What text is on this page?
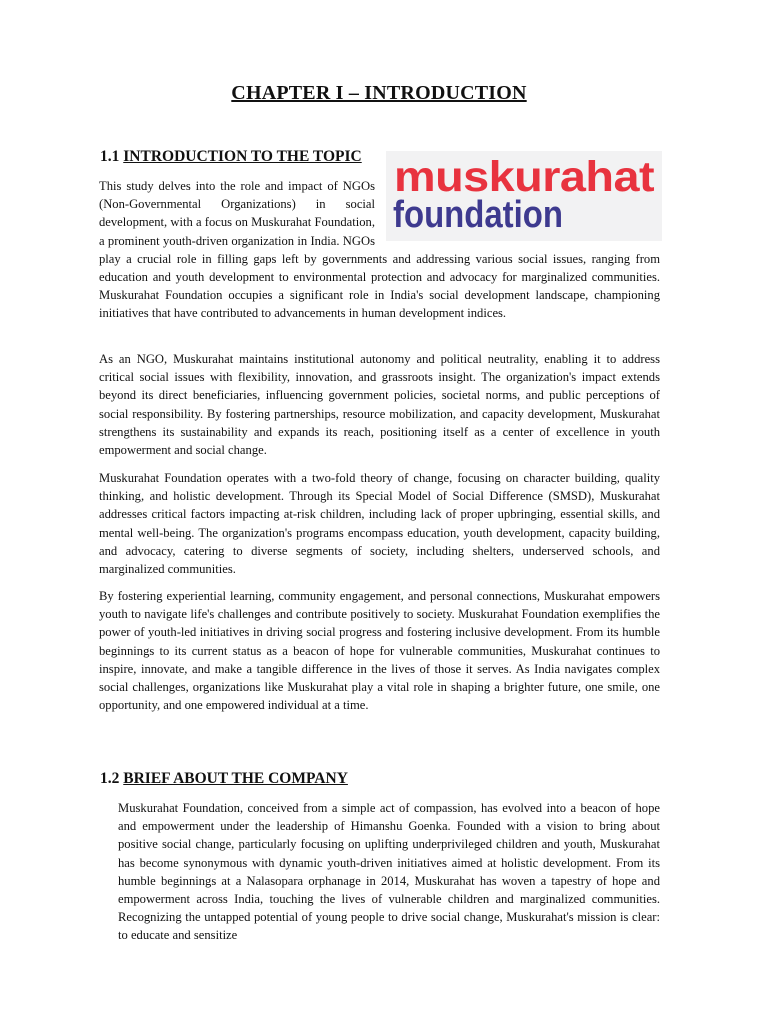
CHAPTER I – INTRODUCTION
1.1 INTRODUCTION TO THE TOPIC muskurahat
foundation

This study delves into the role and impact of NGOs (Non-Governmental Organizations) in social development, with a focus on Muskurahat Foundation, a prominent youth-driven organization in India. NGOs play a crucial role in filling gaps left by governments and addressing various social issues, ranging from education and youth development to environmental protection and advocacy for marginalized communities. Muskurahat Foundation occupies a significant role in India's social development landscape, championing initiatives that have contributed to advancements in human development indices.

As an NGO, Muskurahat maintains institutional autonomy and political neutrality, enabling it to address critical social issues with flexibility, innovation, and grassroots insight. The organization's impact extends beyond its direct beneficiaries, influencing government policies, societal norms, and public perceptions of social responsibility. By fostering partnerships, resource mobilization, and capacity development, Muskurahat strengthens its sustainability and expands its reach, positioning itself as a center of excellence in youth empowerment and social change.

Muskurahat Foundation operates with a two-fold theory of change, focusing on character building, quality thinking, and holistic development. Through its Special Model of Social Difference (SMSD), Muskurahat addresses critical factors impacting at-risk children, including lack of proper upbringing, essential skills, and mental well-being. The organization's programs encompass education, youth development, capacity building, and advocacy, catering to diverse segments of society, including shelters, underserved schools, and marginalized communities.

By fostering experiential learning, community engagement, and personal connections, Muskurahat empowers youth to navigate life's challenges and contribute positively to society. Muskurahat Foundation exemplifies the power of youth-led initiatives in driving social progress and fostering inclusive development. From its humble beginnings to its current status as a beacon of hope for vulnerable communities, Muskurahat continues to inspire, innovate, and make a tangible difference in the lives of those it serves. As India navigates complex social challenges, organizations like Muskurahat play a vital role in shaping a brighter future, one smile, one opportunity, and one empowered individual at a time.

1.2 BRIEF ABOUT THE COMPANY

Muskurahat Foundation, conceived from a simple act of compassion, has evolved into a beacon of hope and empowerment under the leadership of Himanshu Goenka. Founded with a vision to bring about positive social change, particularly focusing on uplifting underprivileged children and youth, Muskurahat has become synonymous with dynamic youth-driven initiatives aimed at holistic development. From its humble beginnings at a Nalasopara orphanage in 2014, Muskurahat has woven a tapestry of hope and empowerment across India, touching the lives of vulnerable children and marginalized communities. Recognizing the untapped potential of young people to drive social change, Muskurahat's mission is clear: to educate and sensitize
